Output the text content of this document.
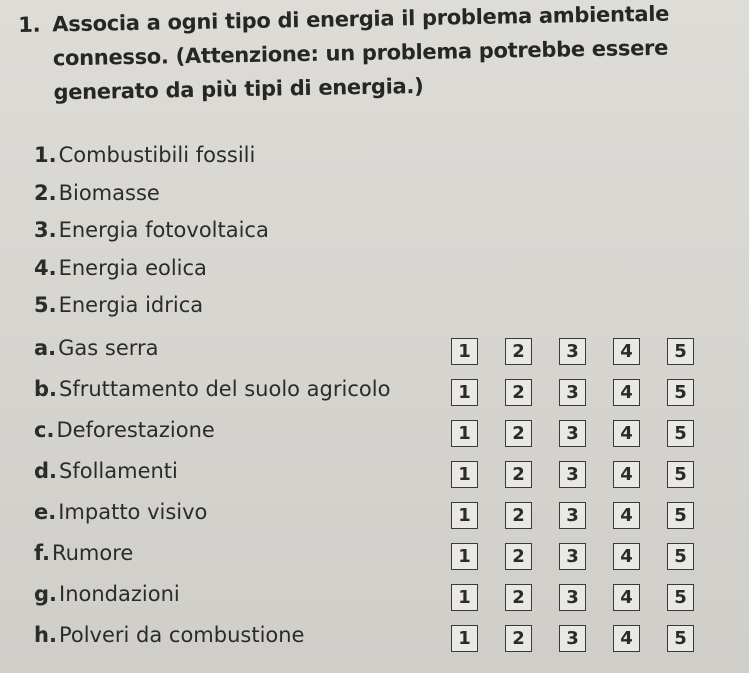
1. Associa a ogni tipo di energia il problema ambientale
connesso. (Attenzione: un problema potrebbe essere
generato da più tipi di energia.)
1.Combustibili fossili
2.Biomasse
3.Energia fotovoltaica
4.Energia eolica
5.Energia idrica
a.Gas serra	1	2	3	4	5
b.Sfruttamento del suolo agricolo	1	2	3	4	5
c.Deforestazione	1	2	3	4	5
d.Sfollamenti	1	2	3	4	5
e.Impatto visivo	1	2	3	4	5
f.Rumore	1	2	3	4	5
g.Inondazioni	1	2	3	4	5
h.Polveri da combustione	1	2	3	4	5
